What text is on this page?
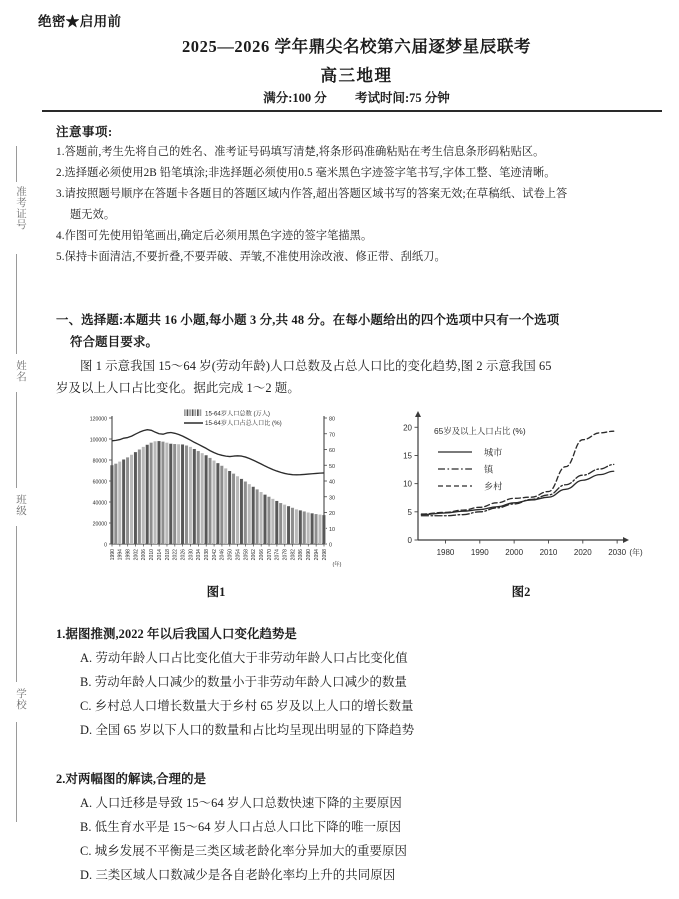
准考证号
姓名
班级
学校
绝密★启用前
2025—2026 学年鼎尖名校第六届逐梦星辰联考
高三地理
满分:100 分 考试时间:75 分钟
注意事项:
1.答题前,考生先将自己的姓名、准考证号码填写清楚,将条形码准确粘贴在考生信息条形码粘贴区。
2.选择题必须使用2B 铅笔填涂;非选择题必须使用0.5 毫米黑色字迹签字笔书写,字体工整、笔迹清晰。
3.请按照题号顺序在答题卡各题目的答题区域内作答,超出答题区域书写的答案无效;在草稿纸、试卷上答
题无效。
4.作图可先使用铅笔画出,确定后必须用黑色字迹的签字笔描黑。
5.保持卡面清洁,不要折叠,不要弄破、弄皱,不准使用涂改液、修正带、刮纸刀。
一、选择题:本题共 16 小题,每小题 3 分,共 48 分。在每小题给出的四个选项中只有一个选项
符合题目要求。
图 1 示意我国 15～64 岁(劳动年龄)人口总数及占总人口比的变化趋势,图 2 示意我国 65
岁及以上人口占比变化。据此完成 1～2 题。
0
20000
40000
60000
80000
100000
120000
0
10
20
30
40
50
60
70
80
1990 1994 1998 2002 2006 2010 2014 2018 2022 2026 2030 2034 2038 2042 2046 2050 2054 2058 2062 2066 2070 2074 2078 2082 2086 2090 2094 2098
(年)
15-64岁人口总数 (万人)
15-64岁人口占总人口比 (%)
图1
0
5
10
15
20
1980 1990 2000 2010 2020 2030 (年)
65岁及以上人口占比 (%)
城市
镇
乡村
图2
1.据图推测,2022 年以后我国人口变化趋势是
A. 劳动年龄人口占比变化值大于非劳动年龄人口占比变化值
B. 劳动年龄人口减少的数量小于非劳动年龄人口减少的数量
C. 乡村总人口增长数量大于乡村 65 岁及以上人口的增长数量
D. 全国 65 岁以下人口的数量和占比均呈现出明显的下降趋势
2.对两幅图的解读,合理的是
A. 人口迁移是导致 15～64 岁人口总数快速下降的主要原因
B. 低生育水平是 15～64 岁人口占总人口比下降的唯一原因
C. 城乡发展不平衡是三类区域老龄化率分异加大的重要原因
D. 三类区域人口数减少是各自老龄化率均上升的共同原因
